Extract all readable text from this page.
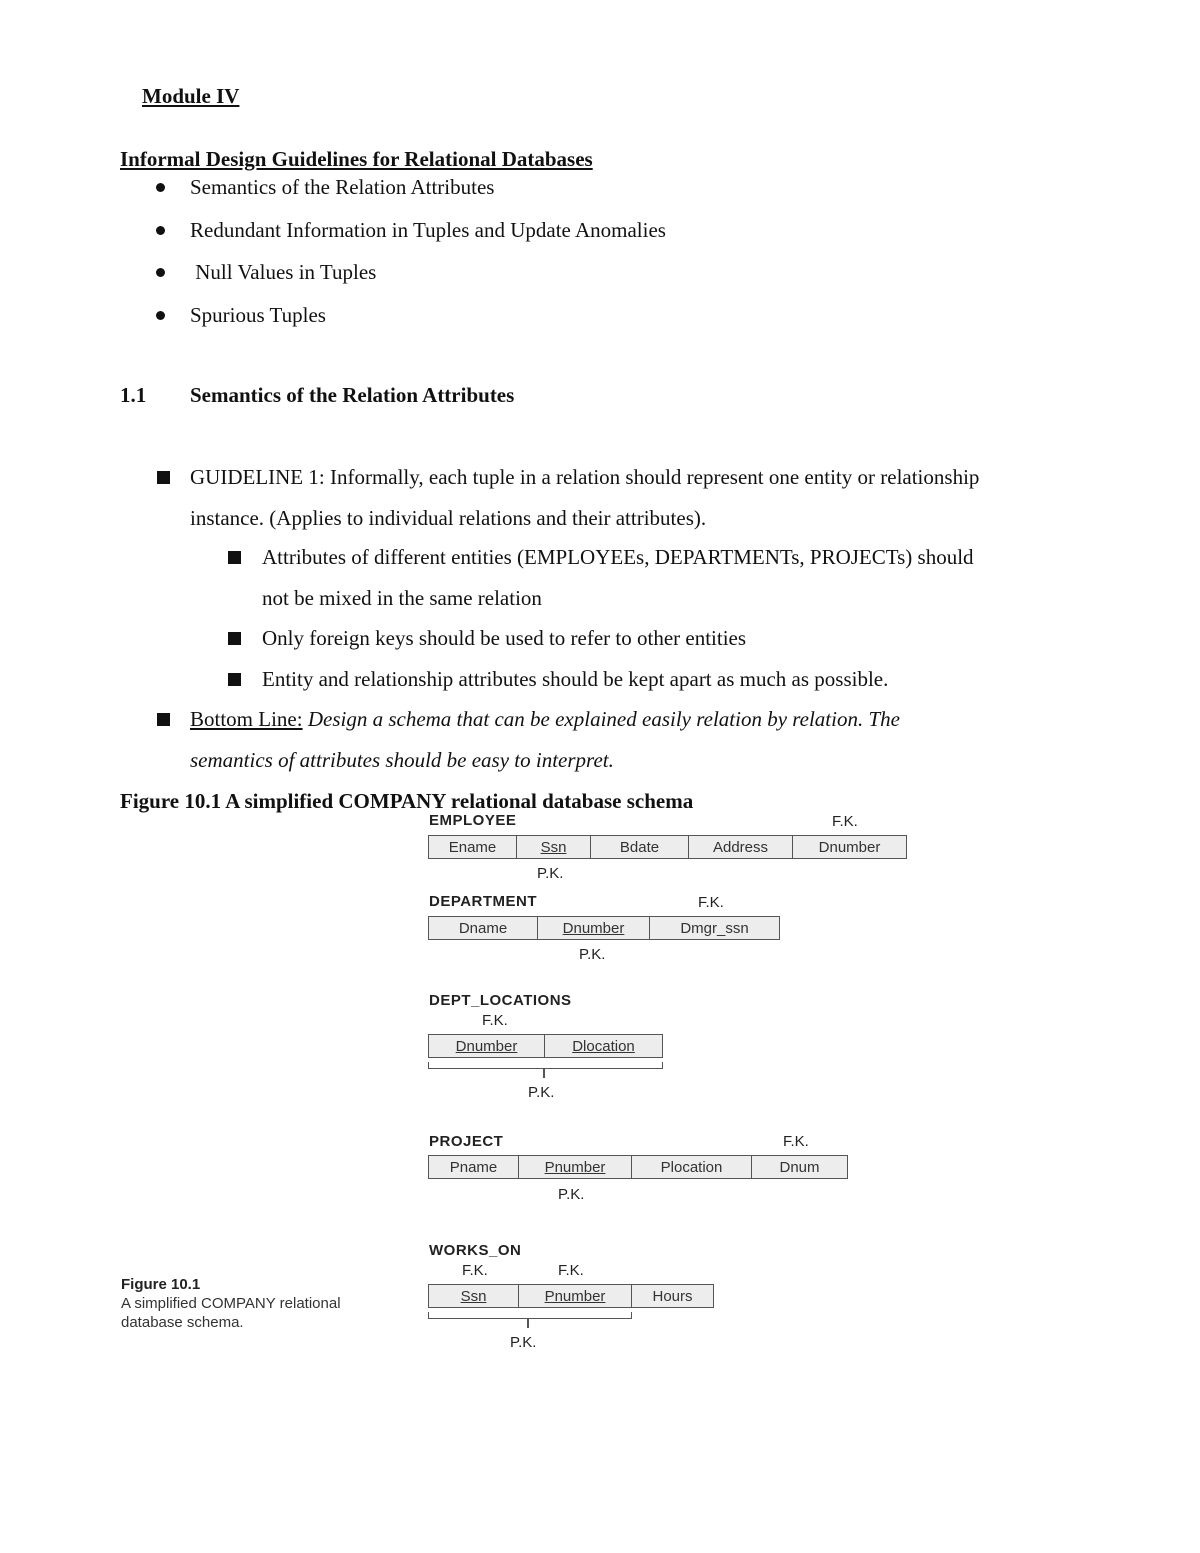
Module IV
Informal Design Guidelines for Relational Databases
Semantics of the Relation Attributes
Redundant Information in Tuples and Update Anomalies
Null Values in Tuples
Spurious Tuples
1.1 Semantics of the Relation Attributes
GUIDELINE 1: Informally, each tuple in a relation should represent one entity or relationship
instance. (Applies to individual relations and their attributes).
Attributes of different entities (EMPLOYEEs, DEPARTMENTs, PROJECTs) should
not be mixed in the same relation
Only foreign keys should be used to refer to other entities
Entity and relationship attributes should be kept apart as much as possible.
Bottom Line: Design a schema that can be explained easily relation by relation. The
semantics of attributes should be easy to interpret.
Figure 10.1 A simplified COMPANY relational database schema
EMPLOYEE	F.K.
Ename	Ssn	Bdate	Address	Dnumber
P.K.
DEPARTMENT	F.K.
Dname	Dnumber	Dmgr_ssn
P.K.
DEPT_LOCATIONS
F.K.
Dnumber	Dlocation
P.K.
PROJECT	F.K.
Pname	Pnumber	Plocation	Dnum
P.K.
WORKS_ON
F.K.	F.K.
Ssn	Pnumber	Hours
P.K.
Figure 10.1
A simplified COMPANY relational database schema.
